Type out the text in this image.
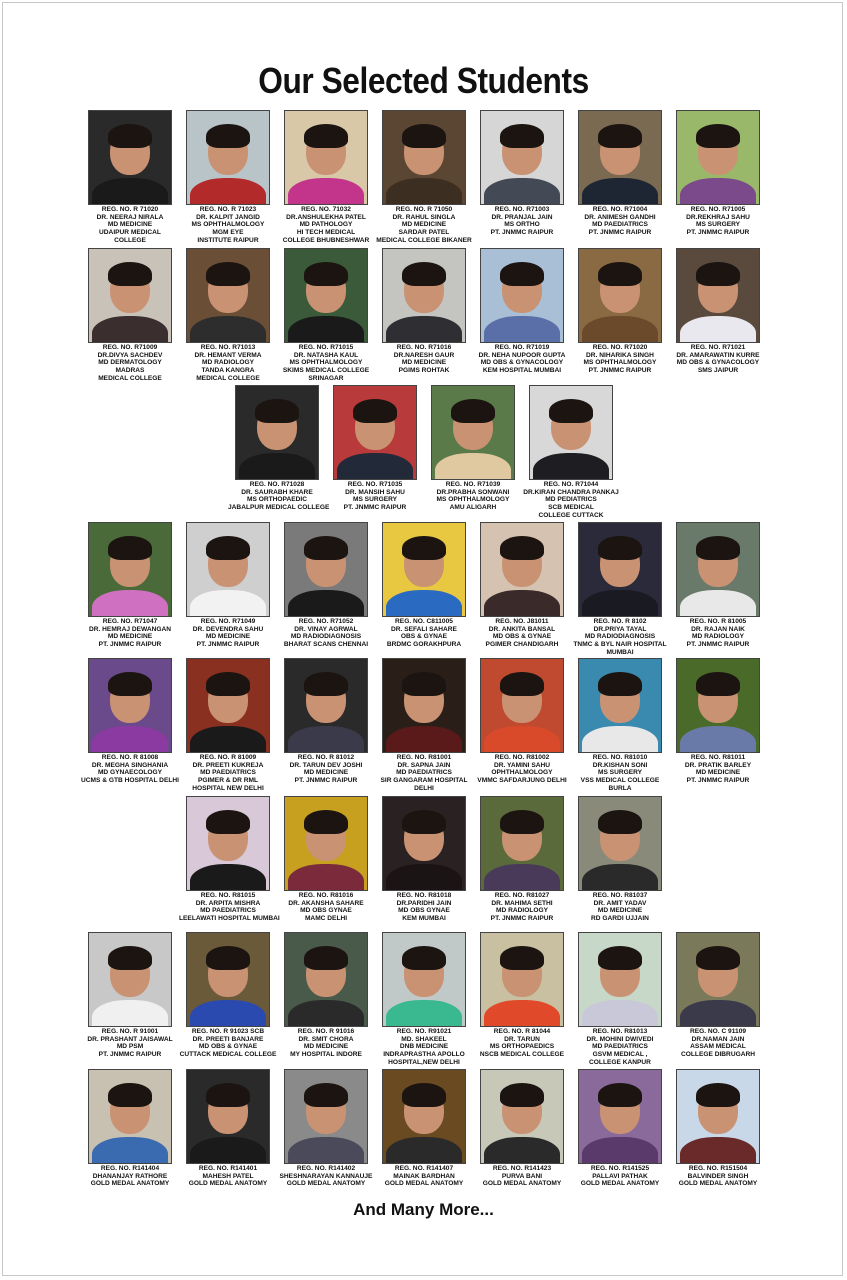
Our Selected Students
REG. NO. R 71020
DR. NEERAJ NIRALA
MD MEDICINE
UDAIPUR MEDICAL
COLLEGE
REG. NO. R 71023
DR. KALPIT JANGID
MS OPHTHALMOLOGY
MGM EYE
INSTITUTE RAIPUR
REG. NO. 71032
DR.ANSHULEKHA PATEL
MD PATHOLOGY
HI TECH MEDICAL
COLLEGE BHUBNESHWAR
REG. NO. R 71050
DR. RAHUL SINGLA
MD MEDICINE
SARDAR PATEL
MEDICAL COLLEGE BIKANER
REG. NO. R71003
DR. PRANJAL JAIN
MS ORTHO
PT. JNMMC RAIPUR
REG. NO. R71004
DR. ANIMESH GANDHI
MD PAEDIATRICS
PT. JNMMC RAIPUR
REG. NO. R71005
DR.REKHRAJ SAHU
MS SURGERY
PT. JNMMC RAIPUR
REG. NO. R71009
DR.DIVYA SACHDEV
MD DERMATOLOGY
MADRAS
MEDICAL COLLEGE
REG. NO. R71013
DR. HEMANT VERMA
MD RADIOLOGY
TANDA KANGRA
MEDICAL COLLEGE
REG. NO. R71015
DR. NATASHA KAUL
MS OPHTHALMOLOGY
SKIMS MEDICAL COLLEGE
SRINAGAR
REG. NO. R71016
DR.NARESH GAUR
MD MEDICINE
PGIMS ROHTAK
REG. NO. R71019
DR. NEHA NUPOOR GUPTA
MD OBS & GYNACOLOGY
KEM HOSPITAL MUMBAI
REG. NO. R71020
DR. NIHARIKA SINGH
MS OPHTHALMOLOGY
PT. JNMMC RAIPUR
REG. NO. R71021
DR. AMARAWATIN KURRE
MD OBS & GYNACOLOGY
SMS JAIPUR
REG. NO. R71028
DR. SAURABH KHARE
MS ORTHOPAEDIC
JABALPUR MEDICAL COLLEGE
REG. NO. R71035
DR. MANSIH SAHU
MS SURGERY
PT. JNMMC RAIPUR
REG. NO. R71039
DR.PRABHA SONWANI
MS OPHTHALMOLOGY
AMU ALIGARH
REG. NO. R71044
DR.KIRAN CHANDRA PANKAJ
MD PEDIATRICS
SCB MEDICAL
COLLEGE CUTTACK
REG. NO. R71047
DR. HEMRAJ DEWANGAN
MD MEDICINE
PT. JNMMC RAIPUR
REG. NO. R71049
DR. DEVENDRA SAHU
MD MEDICINE
PT. JNMMC RAIPUR
REG. NO. R71052
DR. VINAY AGRWAL
MD RADIODIAGNOSIS
BHARAT SCANS CHENNAI
REG. NO. C811005
DR. SEFALI SAHARE
OBS & GYNAE
BRDMC GORAKHPURA
REG. NO. J81011
DR. ANKITA BANSAL
MD OBS & GYNAE
PGIMER CHANDIGARH
REG. NO. R 8102
DR.PRIYA TAYAL
MD RADIODIAGNOSIS
TNMC & BYL NAIR HOSPITAL
MUMBAI
REG. NO. R 81005
DR. RAJAN NAIK
MD RADIOLOGY
PT. JNMMC RAIPUR
REG. NO. R 81008
DR. MEGHA SINGHANIA
MD GYNAECOLOGY
UCMS & GTB HOSPITAL DELHI
REG. NO. R 81009
DR. PREETI KUKREJA
MD PAEDIATRICS
PGIMER & DR RML
HOSPITAL NEW DELHI
REG. NO. R 81012
DR. TARUN DEV JOSHI
MD MEDICINE
PT. JNMMC RAIPUR
REG. NO. R81001
DR. SAPNA JAIN
MD PAEDIATRICS
SIR GANGARAM HOSPITAL
DELHI
REG. NO. R81002
DR. YAMINI SAHU
OPHTHALMOLOGY
VMMC SAFDARJUNG DELHI
REG. NO. R81010
DR.KISHAN SONI
MS SURGERY
VSS MEDICAL COLLEGE
BURLA
REG. NO. R81011
DR. PRATIK BARLEY
MD MEDICINE
PT. JNMMC RAIPUR
REG. NO. R81015
DR. ARPITA MISHRA
MD PAEDIATRICS
LEELAWATI HOSPITAL MUMBAI
REG. NO. R81016
DR. AKANSHA SAHARE
MD OBS GYNAE
MAMC DELHI
REG. NO. R81018
DR.PARIDHI JAIN
MD OBS GYNAE
KEM MUMBAI
REG. NO. R81027
DR. MAHIMA SETHI
MD RADIOLOGY
PT. JNMMC RAIPUR
REG. NO. R81037
DR. AMIT YADAV
MD MEDICINE
RD GARDI UJJAIN
REG. NO. R 91001
DR. PRASHANT JAISAWAL
MD PSM
PT. JNMMC RAIPUR
REG. NO. R 91023 SCB
DR. PREETI BANJARE
MD OBS & GYNAE
CUTTACK MEDICAL COLLEGE
REG. NO. R 91016
DR. SMIT CHORA
MD MEDICINE
MY HOSPITAL INDORE
REG. NO. R91021
MD. SHAKEEL
DNB MEDICINE
INDRAPRASTHA APOLLO
HOSPITAL,NEW DELHI
REG. NO. R 81044
DR. TARUN
MS ORTHOPAEDICS
NSCB MEDICAL COLLEGE
REG. NO. R81013
DR. MOHINI DWIVEDI
MD PAEDIATRICS
GSVM MEDICAL ,
COLLEGE KANPUR
REG. NO. C 91109
DR.NAMAN JAIN
ASSAM MEDICAL
COLLEGE DIBRUGARH
REG. NO. R141404
DHANANJAY RATHORE
GOLD MEDAL ANATOMY
REG. NO. R141401
MAHESH PATEL
GOLD MEDAL ANATOMY
REG. NO. R141402
SHESHNARAYAN KANNAUJE
GOLD MEDAL ANATOMY
REG. NO. R141407
MAINAK BARDHAN
GOLD MEDAL ANATOMY
REG. NO. R141423
PURVA BANI
GOLD MEDAL ANATOMY
REG. NO. R141525
PALLAVI PATHAK
GOLD MEDAL ANATOMY
REG. NO. R151504
BALVINDER SINGH
GOLD MEDAL ANATOMY
And Many More...
